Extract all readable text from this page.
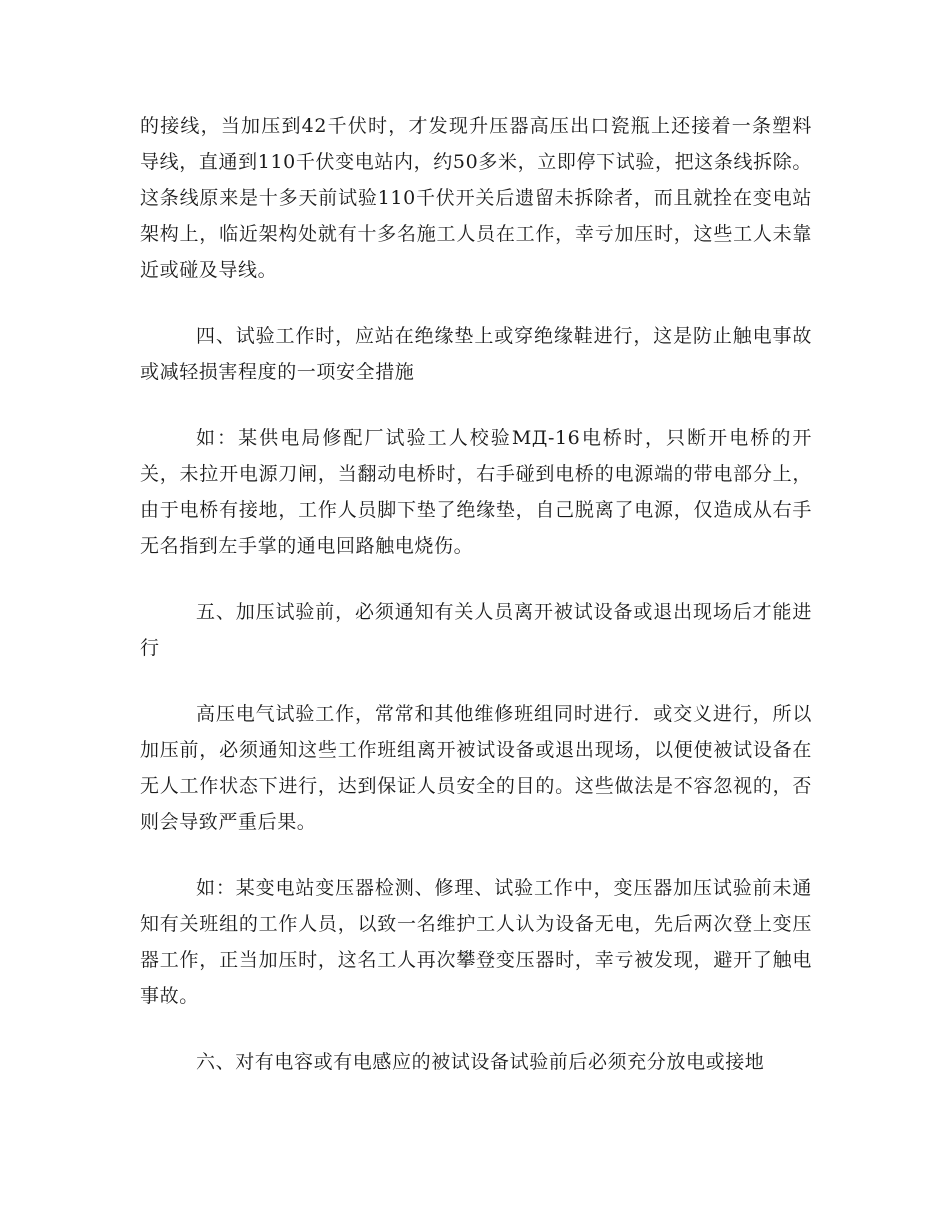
的接线，当加压到42千伏时，才发现升压器高压出口瓷瓶上还接着一条塑料导线，直通到110千伏变电站内，约50多米，立即停下试验，把这条线拆除。这条线原来是十多天前试验110千伏开关后遗留未拆除者，而且就拴在变电站架构上，临近架构处就有十多名施工人员在工作，幸亏加压时，这些工人未靠近或碰及导线。

四、试验工作时，应站在绝缘垫上或穿绝缘鞋进行，这是防止触电事故或减轻损害程度的一项安全措施

如：某供电局修配厂试验工人校验MД-16电桥时，只断开电桥的开关，未拉开电源刀闸，当翻动电桥时，右手碰到电桥的电源端的带电部分上，由于电桥有接地，工作人员脚下垫了绝缘垫，自己脱离了电源，仅造成从右手无名指到左手掌的通电回路触电烧伤。

五、加压试验前，必须通知有关人员离开被试设备或退出现场后才能进行

高压电气试验工作，常常和其他维修班组同时进行．或交义进行，所以加压前，必须通知这些工作班组离开被试设备或退出现场，以便使被试设备在无人工作状态下进行，达到保证人员安全的目的。这些做法是不容忽视的，否则会导致严重后果。

如：某变电站变压器检测、修理、试验工作中，变压器加压试验前未通知有关班组的工作人员，以致一名维护工人认为设备无电，先后两次登上变压器工作，正当加压时，这名工人再次攀登变压器时，幸亏被发现，避开了触电事故。

六、对有电容或有电感应的被试设备试验前后必须充分放电或接地
